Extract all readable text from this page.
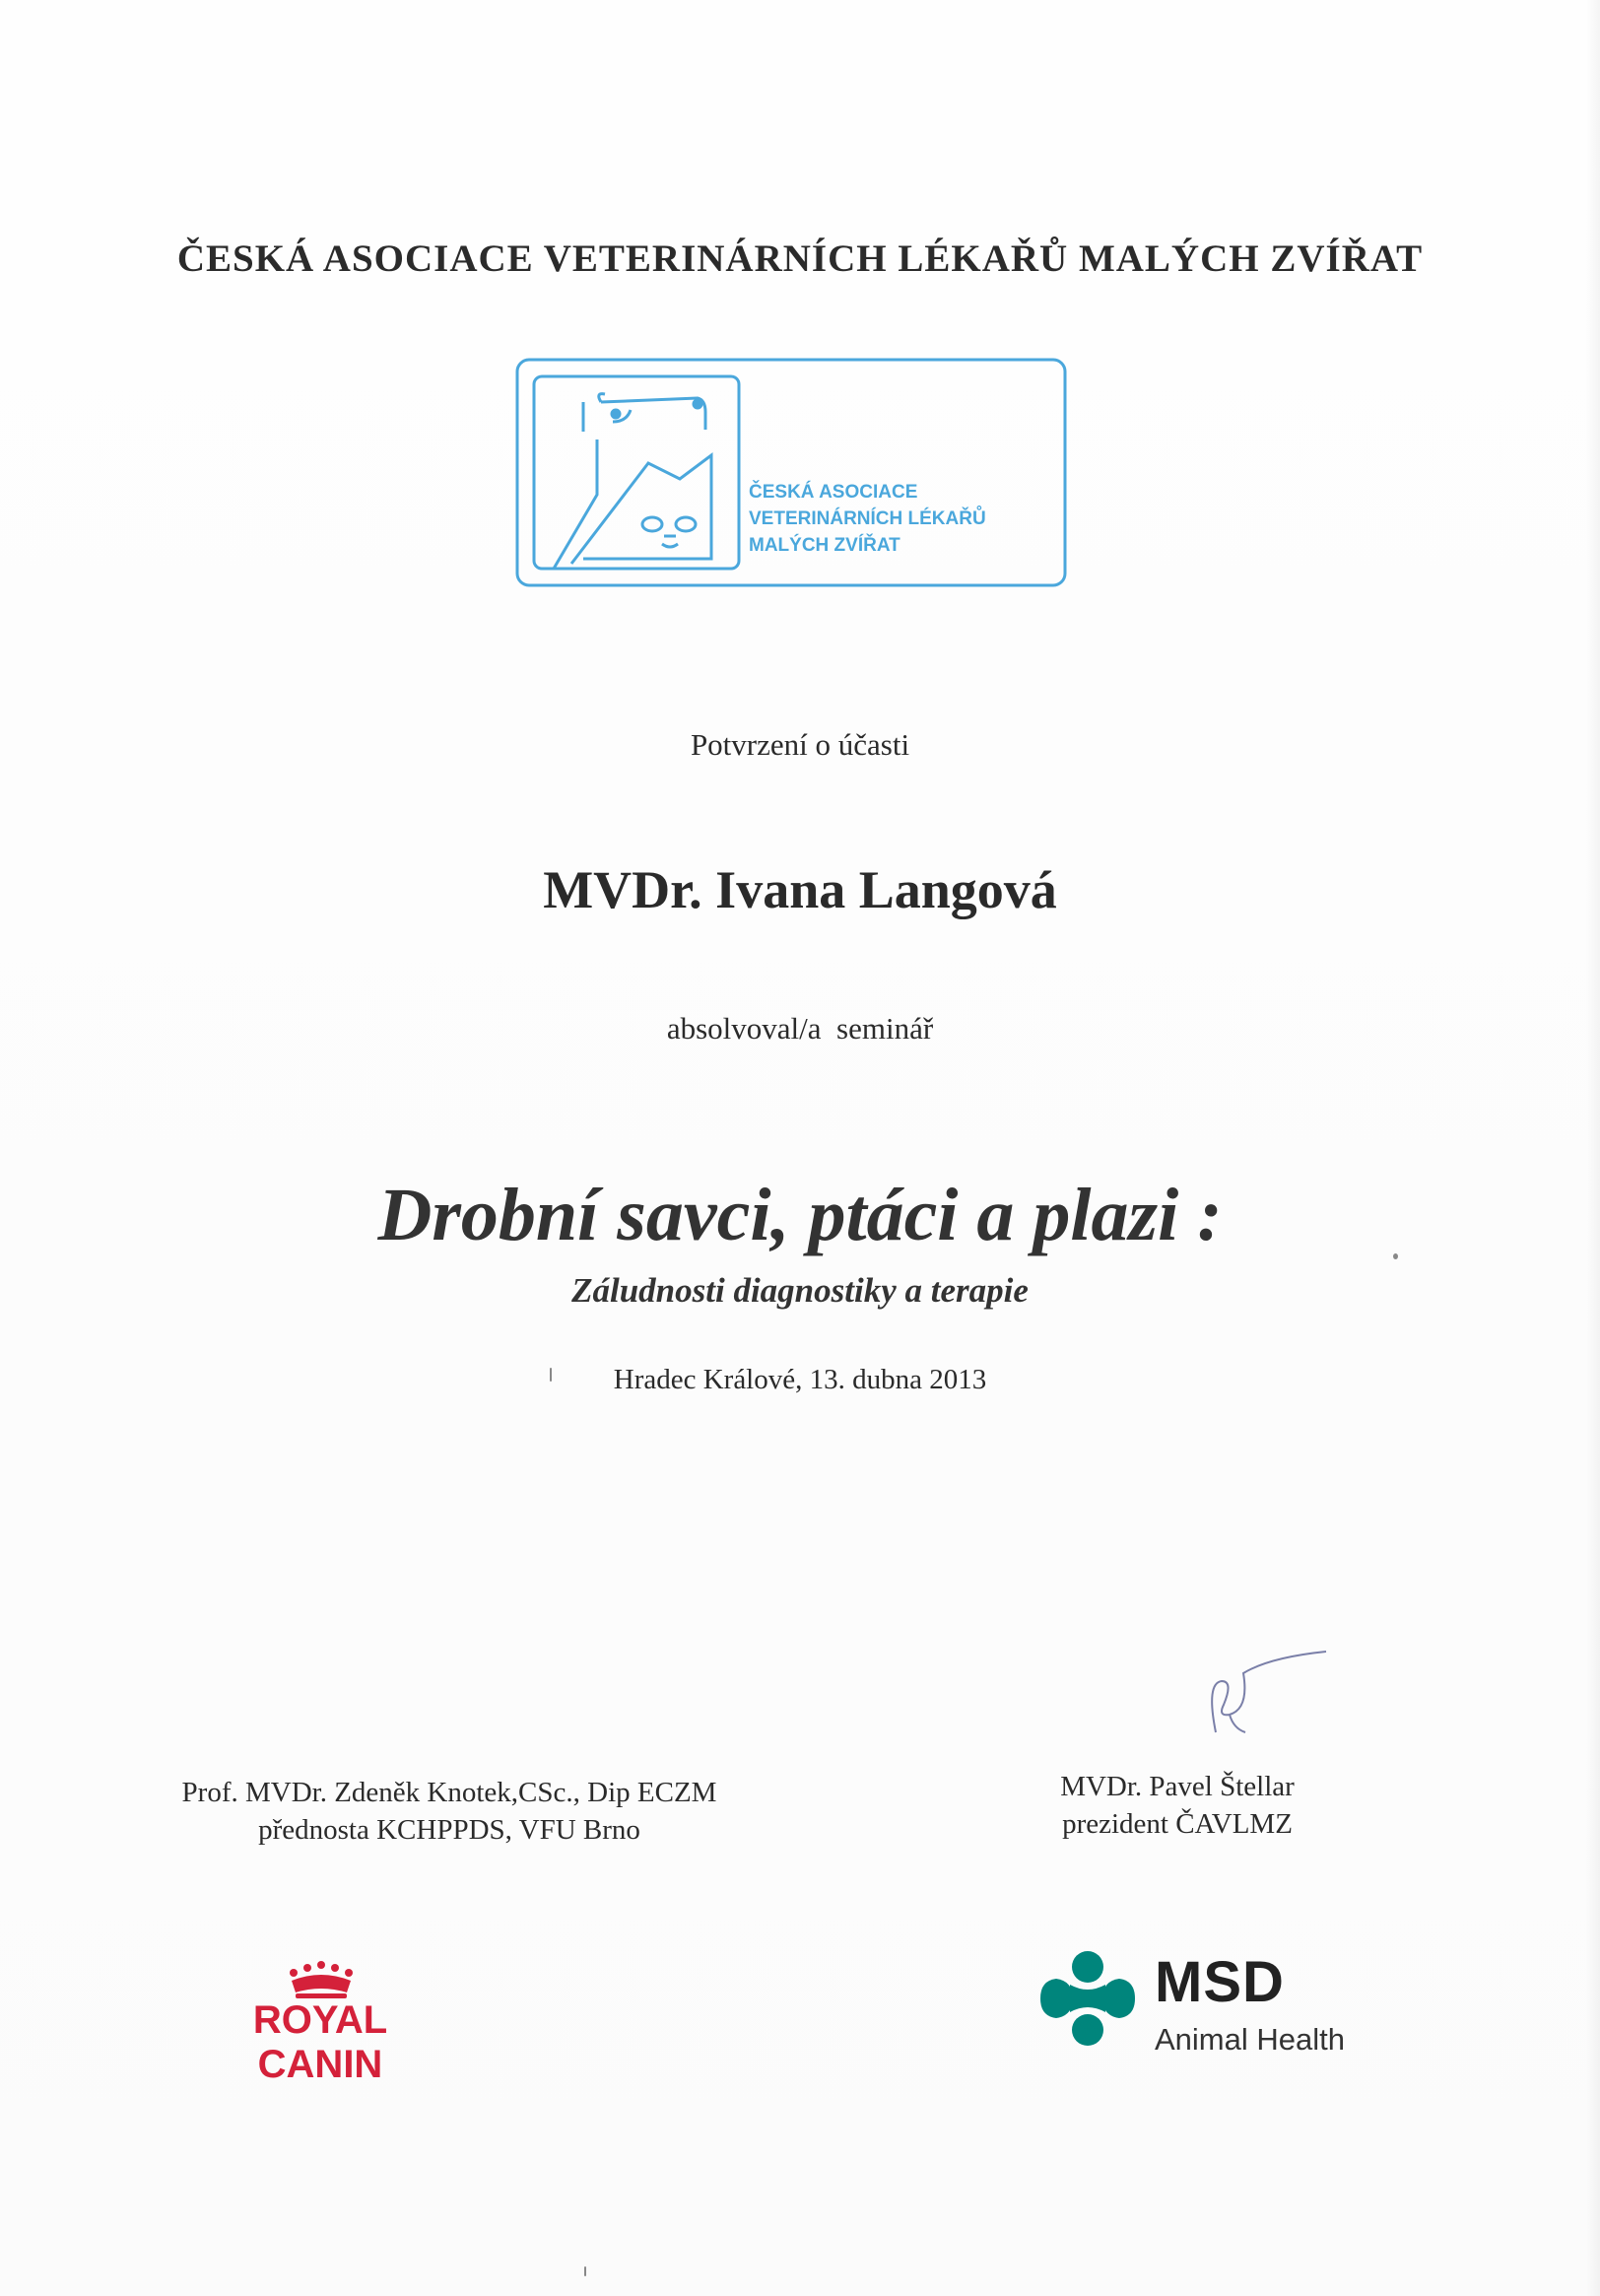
ČESKÁ ASOCIACE VETERINÁRNÍCH LÉKAŘŮ MALÝCH ZVÍŘAT
ČESKÁ ASOCIACE
VETERINÁRNÍCH LÉKAŘŮ
MALÝCH ZVÍŘAT
Potvrzení o účasti
MVDr. Ivana Langová
absolvoval/a  seminář
Drobní savci, ptáci a plazi :
Záludnosti diagnostiky a terapie
Hradec Králové, 13. dubna 2013
Prof. MVDr. Zdeněk Knotek,CSc., Dip ECZM
přednosta KCHPPDS, VFU Brno
MVDr. Pavel Štellar
prezident ČAVLMZ
ROYAL CANIN
MSD
Animal Health
